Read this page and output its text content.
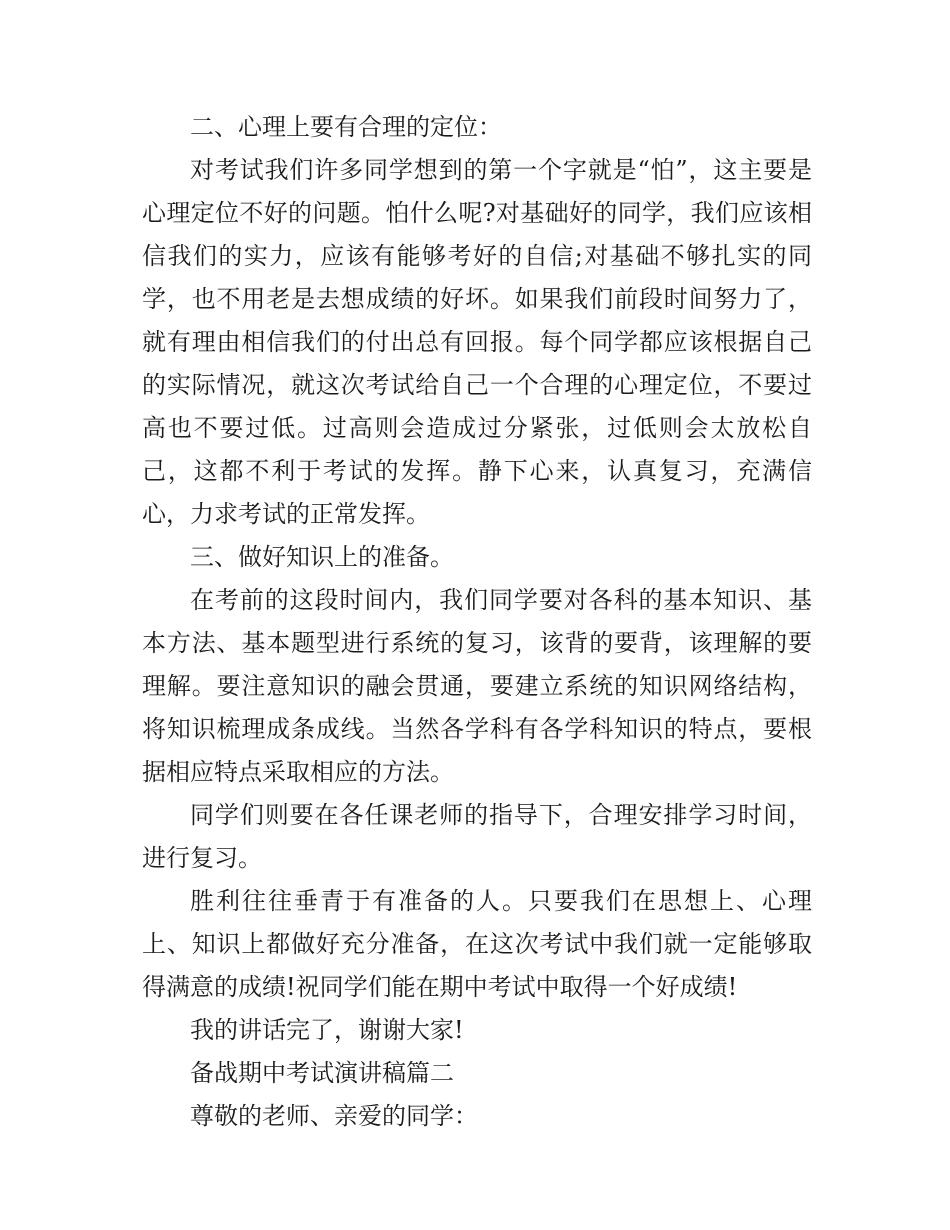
二、心理上要有合理的定位：

对考试我们许多同学想到的第一个字就是“怕”，这主要是心理定位不好的问题。怕什么呢?对基础好的同学，我们应该相信我们的实力，应该有能够考好的自信;对基础不够扎实的同学，也不用老是去想成绩的好坏。如果我们前段时间努力了，就有理由相信我们的付出总有回报。每个同学都应该根据自己的实际情况，就这次考试给自己一个合理的心理定位，不要过高也不要过低。过高则会造成过分紧张，过低则会太放松自己，这都不利于考试的发挥。静下心来，认真复习，充满信心，力求考试的正常发挥。

三、做好知识上的准备。

在考前的这段时间内，我们同学要对各科的基本知识、基本方法、基本题型进行系统的复习，该背的要背，该理解的要理解。要注意知识的融会贯通，要建立系统的知识网络结构，将知识梳理成条成线。当然各学科有各学科知识的特点，要根据相应特点采取相应的方法。

同学们则要在各任课老师的指导下，合理安排学习时间，进行复习。

胜利往往垂青于有准备的人。只要我们在思想上、心理上、知识上都做好充分准备，在这次考试中我们就一定能够取得满意的成绩!祝同学们能在期中考试中取得一个好成绩!

我的讲话完了，谢谢大家!

备战期中考试演讲稿篇二

尊敬的老师、亲爱的同学：
